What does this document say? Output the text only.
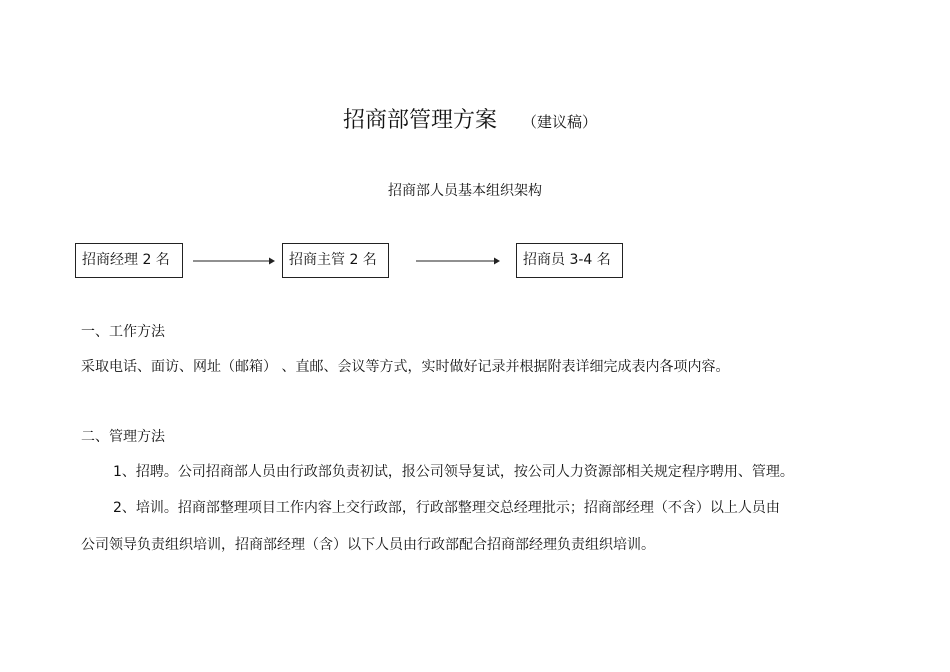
招商部管理方案 （建议稿）
招商部人员基本组织架构
招商经理 2 名	招商主管 2 名	招商员 3-4 名
一、工作方法
采取电话、面访、网址（邮箱） 、直邮、会议等方式，实时做好记录并根据附表详细完成表内各项内容。
二、管理方法
1、招聘。公司招商部人员由行政部负责初试，报公司领导复试，按公司人力资源部相关规定程序聘用、管理。
2、培训。招商部整理项目工作内容上交行政部，行政部整理交总经理批示；招商部经理（不含）以上人员由
公司领导负责组织培训，招商部经理（含）以下人员由行政部配合招商部经理负责组织培训。
